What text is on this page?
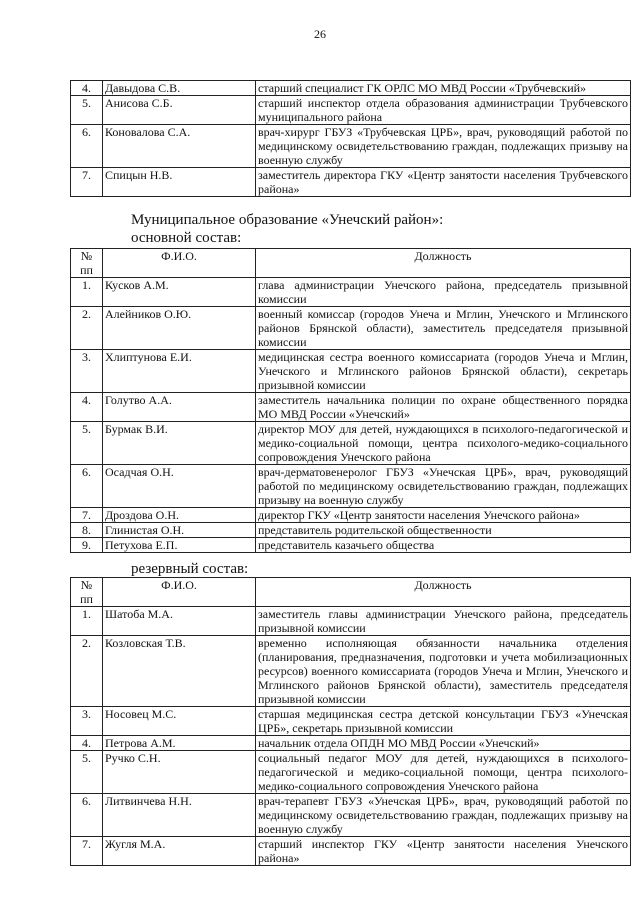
26
4.	Давыдова С.В.	старший специалист ГК ОРЛС МО МВД России «Трубчевский»
5.	Анисова С.Б.	старший инспектор отдела образования администрации Трубчевского муниципального района
6.	Коновалова С.А.	врач-хирург ГБУЗ «Трубчевская ЦРБ», врач, руководящий работой по медицинскому освидетельствованию граждан, подлежащих призыву на военную службу
7.	Спицын Н.В.	заместитель директора ГКУ «Центр занятости населения Трубчевского района»
Муниципальное образование «Унечский район»:
основной состав:
№ пп	Ф.И.О.	Должность
1.	Кусков А.М.	глава администрации Унечского района, председатель призывной комиссии
2.	Алейников О.Ю.	военный комиссар (городов Унеча и Мглин, Унечского и Мглинского районов Брянской области), заместитель председателя призывной комиссии
3.	Хлиптунова Е.И.	медицинская сестра военного комиссариата (городов Унеча и Мглин, Унечского и Мглинского районов Брянской области), секретарь призывной комиссии
4.	Голутво А.А.	заместитель начальника полиции по охране общественного порядка МО МВД России «Унечский»
5.	Бурмак В.И.	директор МОУ для детей, нуждающихся в психолого-педагогической и медико-социальной помощи, центра психолого-медико-социального сопровождения Унечского района
6.	Осадчая О.Н.	врач-дерматовенеролог ГБУЗ «Унечская ЦРБ», врач, руководящий работой по медицинскому освидетельствованию граждан, подлежащих призыву на военную службу
7.	Дроздова О.Н.	директор ГКУ «Центр занятости населения Унечского района»
8.	Глинистая О.Н.	представитель родительской общественности
9.	Петухова Е.П.	представитель казачьего общества
резервный состав:
№ пп	Ф.И.О.	Должность
1.	Шатоба М.А.	заместитель главы администрации Унечского района, председатель призывной комиссии
2.	Козловская Т.В.	временно исполняющая обязанности начальника отделения (планирования, предназначения, подготовки и учета мобилизационных ресурсов) военного комиссариата (городов Унеча и Мглин, Унечского и Мглинского районов Брянской области), заместитель председателя призывной комиссии
3.	Носовец М.С.	старшая медицинская сестра детской консультации ГБУЗ «Унечская ЦРБ», секретарь призывной комиссии
4.	Петрова А.М.	начальник отдела ОПДН МО МВД России «Унечский»
5.	Ручко С.Н.	социальный педагог МОУ для детей, нуждающихся в психолого-педагогической и медико-социальной помощи, центра психолого-медико-социального сопровождения Унечского района
6.	Литвинчева Н.Н.	врач-терапевт ГБУЗ «Унечская ЦРБ», врач, руководящий работой по медицинскому освидетельствованию граждан, подлежащих призыву на военную службу
7.	Жугля М.А.	старший инспектор ГКУ «Центр занятости населения Унечского района»
